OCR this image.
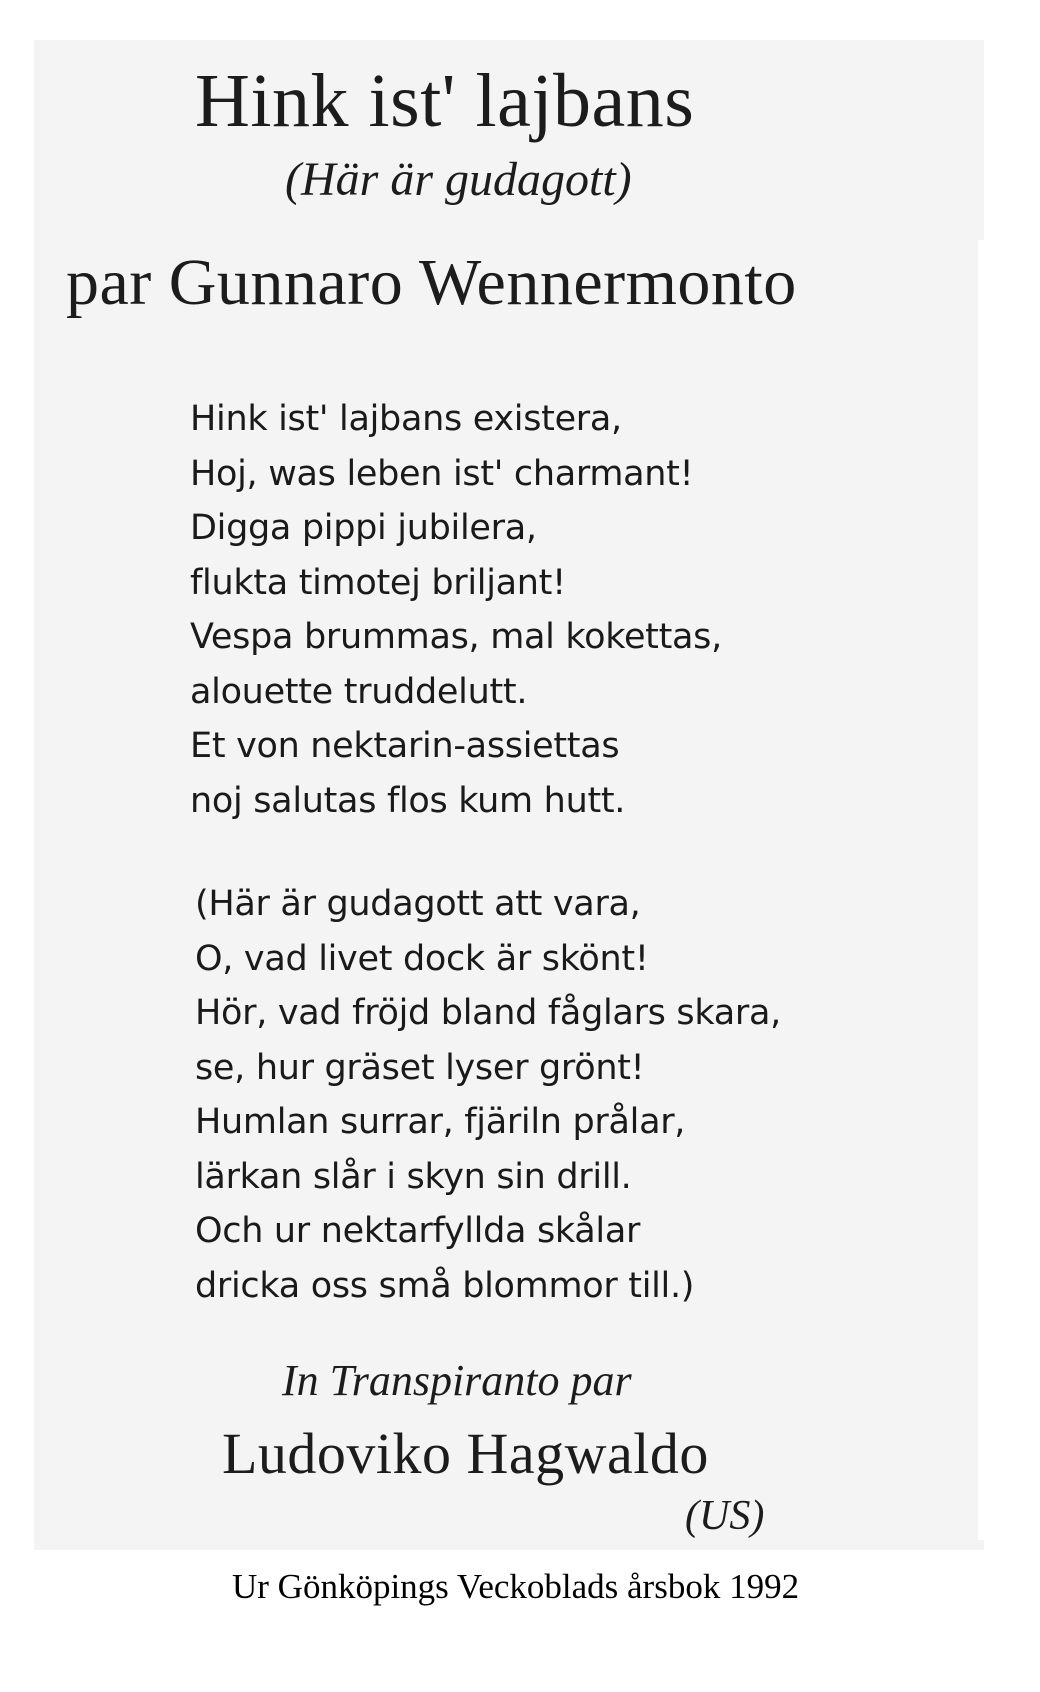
Hink ist' lajbans
(Här är gudagott)
par Gunnaro Wennermonto
Hink ist' lajbans existera,
Hoj, was leben ist' charmant!
Digga pippi jubilera,
flukta timotej briljant!
Vespa brummas, mal kokettas,
alouette truddelutt.
Et von nektarin-assiettas
noj salutas flos kum hutt.
(Här är gudagott att vara,
O, vad livet dock är skönt!
Hör, vad fröjd bland fåglars skara,
se, hur gräset lyser grönt!
Humlan surrar, fjäriln prålar,
lärkan slår i skyn sin drill.
Och ur nektarfyllda skålar
dricka oss små blommor till.)
In Transpiranto par
Ludoviko Hagwaldo
(US)
Ur Gönköpings Veckoblads årsbok 1992
